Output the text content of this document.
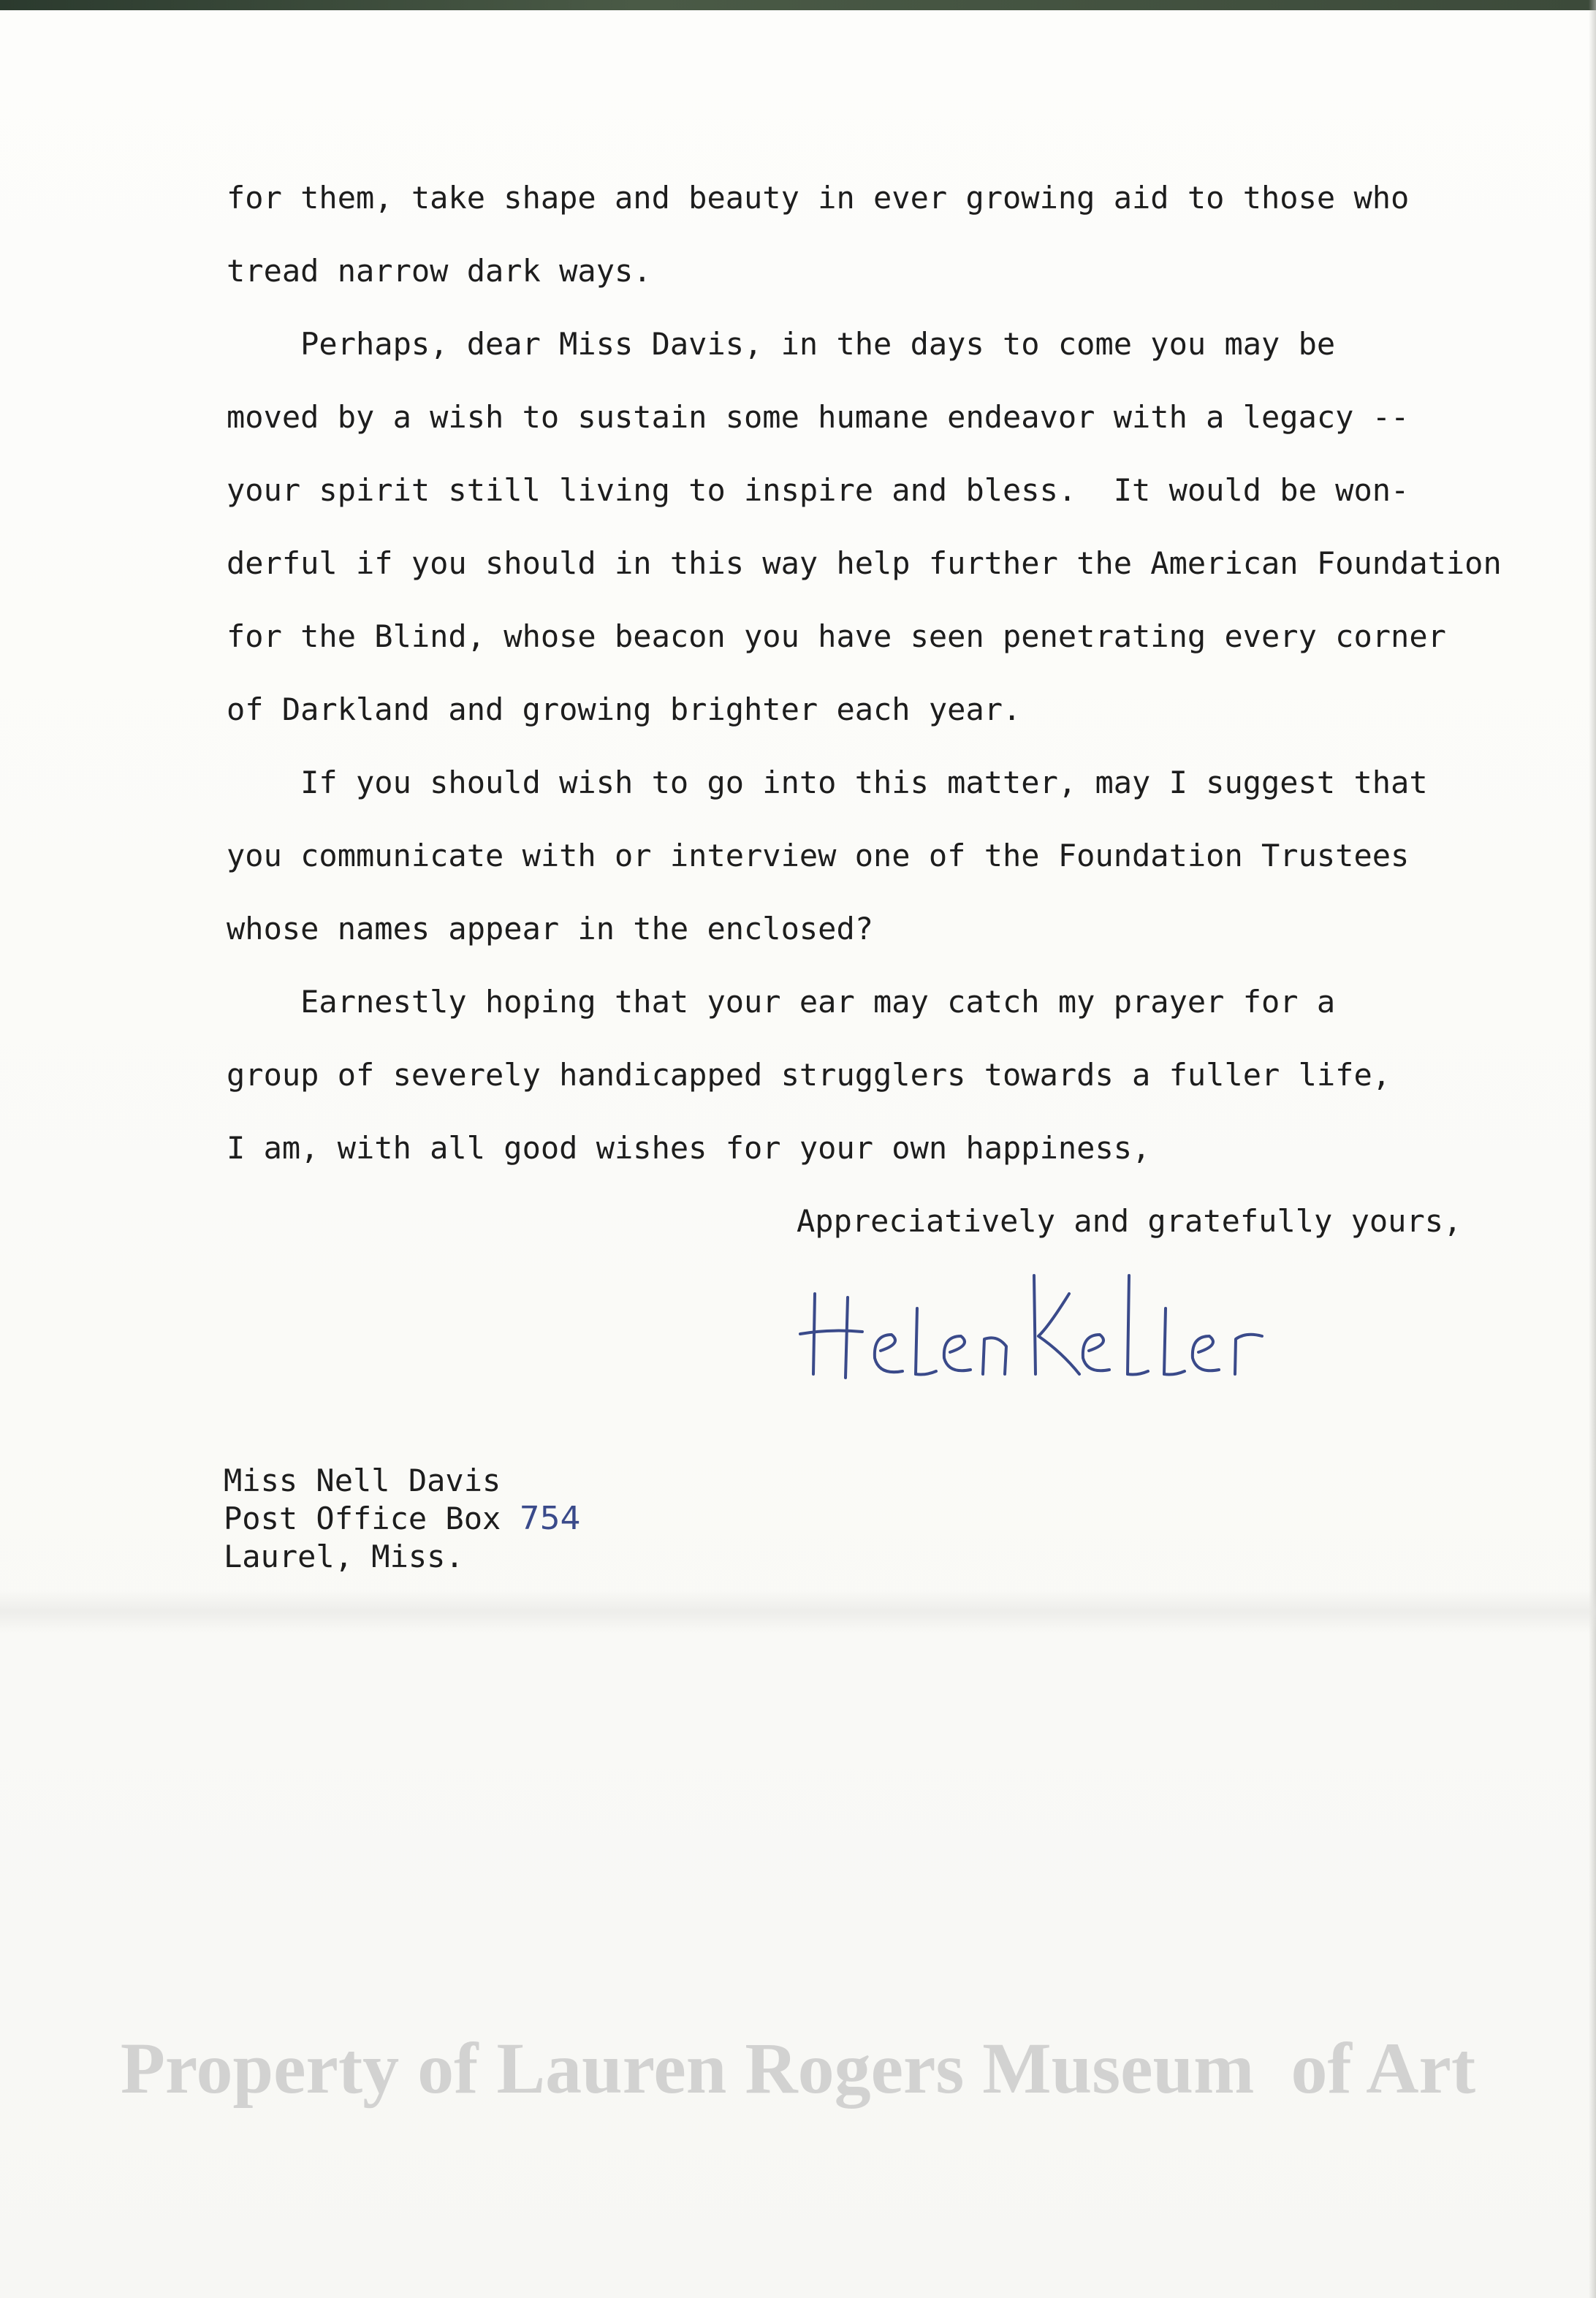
for them, take shape and beauty in ever growing aid to those who

tread narrow dark ways.

Perhaps, dear Miss Davis, in the days to come you may be

moved by a wish to sustain some humane endeavor with a legacy --

your spirit still living to inspire and bless.  It would be won-

derful if you should in this way help further the American Foundation

for the Blind, whose beacon you have seen penetrating every corner

of Darkland and growing brighter each year.

If you should wish to go into this matter, may I suggest that

you communicate with or interview one of the Foundation Trustees

whose names appear in the enclosed?

Earnestly hoping that your ear may catch my prayer for a

group of severely handicapped strugglers towards a fuller life,

I am, with all good wishes for your own happiness,

Appreciatively and gratefully yours,

Miss Nell Davis
Post Office Box 754
Laurel, Miss.
Property of Lauren Rogers Museum  of Art
